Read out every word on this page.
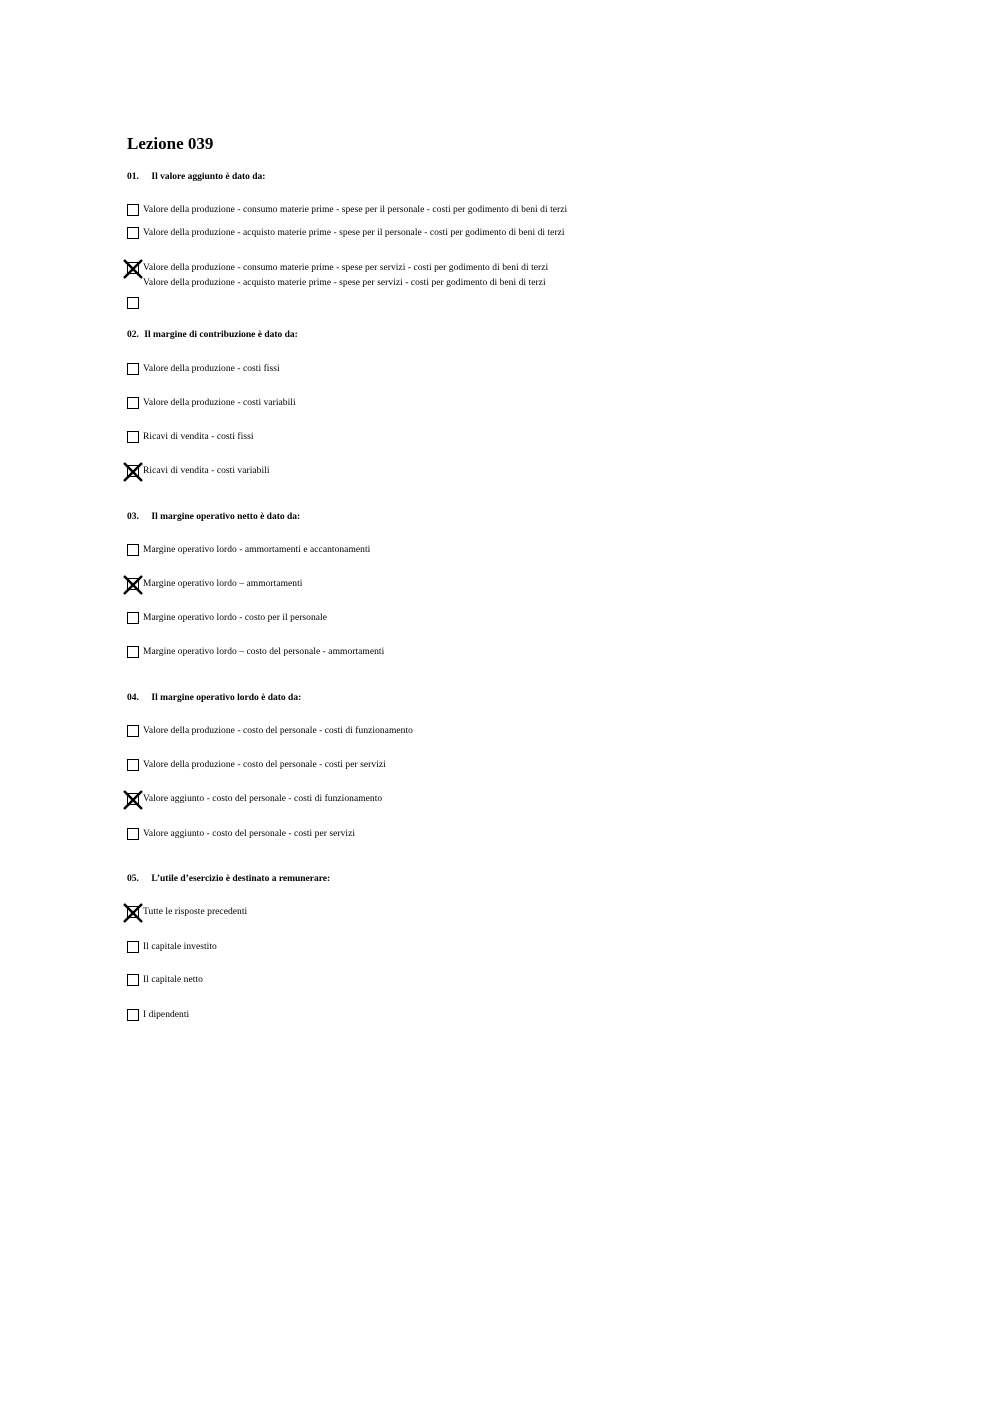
Lezione 039
01. Il valore aggiunto è dato da:
Valore della produzione - consumo materie prime - spese per il personale - costi per godimento di beni di terzi
Valore della produzione - acquisto materie prime - spese per il personale - costi per godimento di beni di terzi
Valore della produzione - consumo materie prime - spese per servizi - costi per godimento di beni di terzi
Valore della produzione - acquisto materie prime - spese per servizi - costi per godimento di beni di terzi
02. Il margine di contribuzione è dato da:
Valore della produzione - costi fissi
Valore della produzione - costi variabili
Ricavi di vendita - costi fissi
Ricavi di vendita - costi variabili
03. Il margine operativo netto è dato da:
Margine operativo lordo - ammortamenti e accantonamenti
Margine operativo lordo – ammortamenti
Margine operativo lordo - costo per il personale
Margine operativo lordo – costo del personale - ammortamenti
04. Il margine operativo lordo è dato da:
Valore della produzione - costo del personale - costi di funzionamento
Valore della produzione - costo del personale - costi per servizi
Valore aggiunto - costo del personale - costi di funzionamento
Valore aggiunto - costo del personale - costi per servizi
05. L’utile d’esercizio è destinato a remunerare:
Tutte le risposte precedenti
Il capitale investito
Il capitale netto
I dipendenti
